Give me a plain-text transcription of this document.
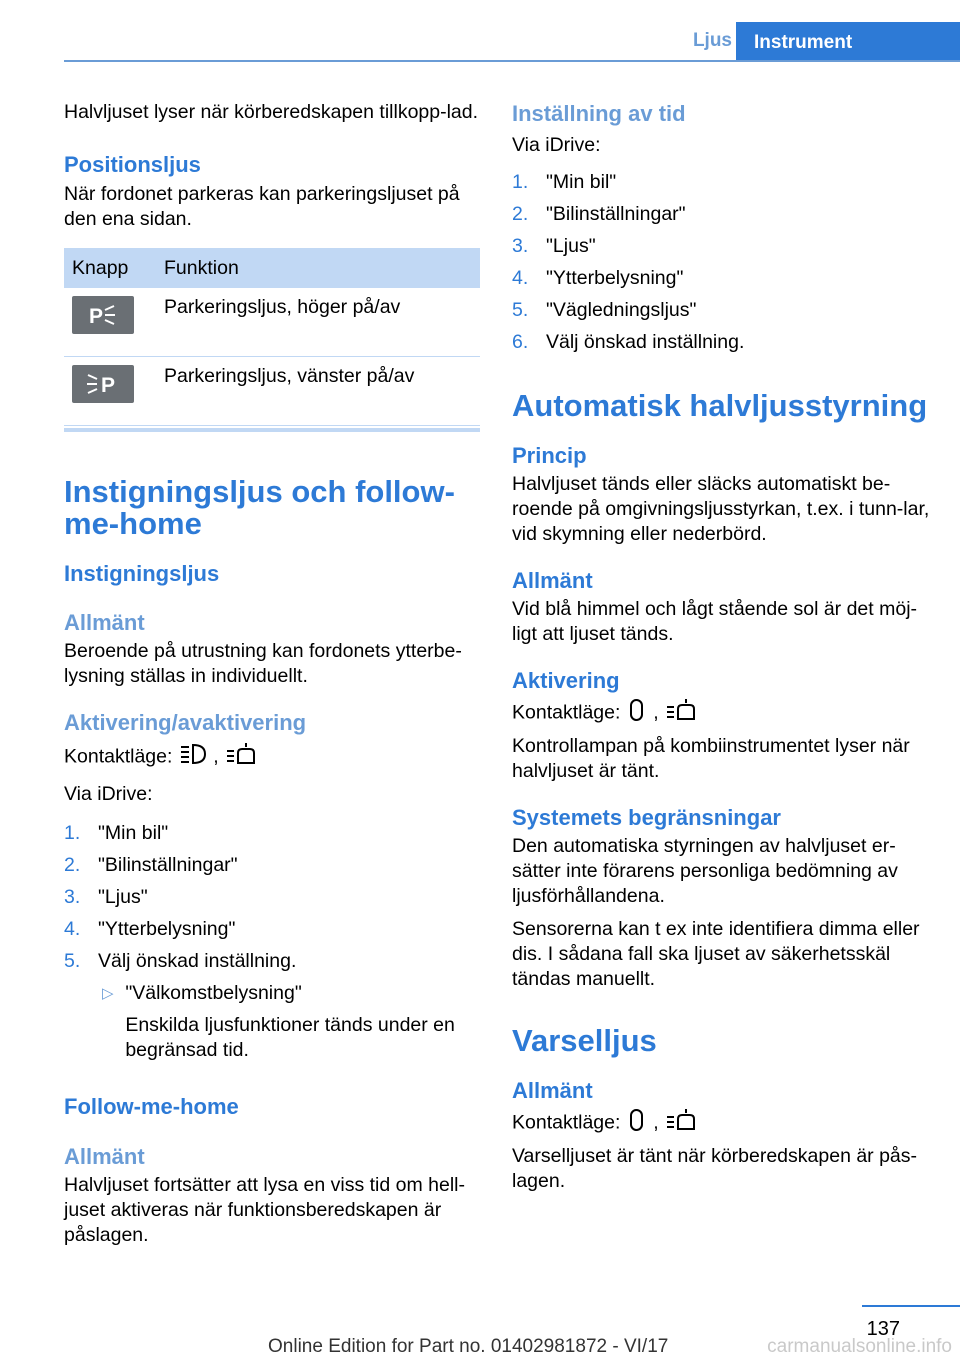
Ljus	Instrument

Halvljuset lyser när körberedskapen tillkopp-lad.

Positionsljus

När fordonet parkeras kan parkeringsljuset på den ena sidan.

Knapp	Funktion

P	Parkeringsljus, höger på/av

P	Parkeringsljus, vänster på/av
Instigningsljus och follow-me-home
Instigningsljus
Allmänt

Beroende på utrustning kan fordonets ytterbe-lysning ställas in individuellt.

Aktivering/avaktivering

Kontaktläge:  ,

Via iDrive:

1. "Min bil"
2. "Bilinställningar"
3. "Ljus"
4. "Ytterbelysning"
5. Välj önskad inställning.
▷ "Välkomstbelysning"
Enskilda ljusfunktioner tänds under en begränsad tid.
Follow-me-home
Allmänt

Halvljuset fortsätter att lysa en viss tid om hell-juset aktiveras när funktionsberedskapen är påslagen.

Inställning av tid

Via iDrive:

1. "Min bil"
2. "Bilinställningar"
3. "Ljus"
4. "Ytterbelysning"
5. "Vägledningsljus"
6. Välj önskad inställning.
Automatisk halvljusstyrning
Princip

Halvljuset tänds eller släcks automatiskt be-roende på omgivningsljusstyrkan, t.ex. i tunn-lar, vid skymning eller nederbörd.

Allmänt

Vid blå himmel och lågt stående sol är det möj-ligt att ljuset tänds.

Aktivering

Kontaktläge:  ,

Kontrollampan på kombiinstrumentet lyser när halvljuset är tänt.

Systemets begränsningar

Den automatiska styrningen av halvljuset er-sätter inte förarens personliga bedömning av ljusförhållandena.

Sensorerna kan t ex inte identifiera dimma eller dis. I sådana fall ska ljuset av säkerhetsskäl tändas manuellt.

Varselljus
Allmänt

Kontaktläge:  ,

Varselljuset är tänt när körberedskapen är pås-lagen.

137
Online Edition for Part no. 01402981872 - VI/17	carmanualsonline.info
